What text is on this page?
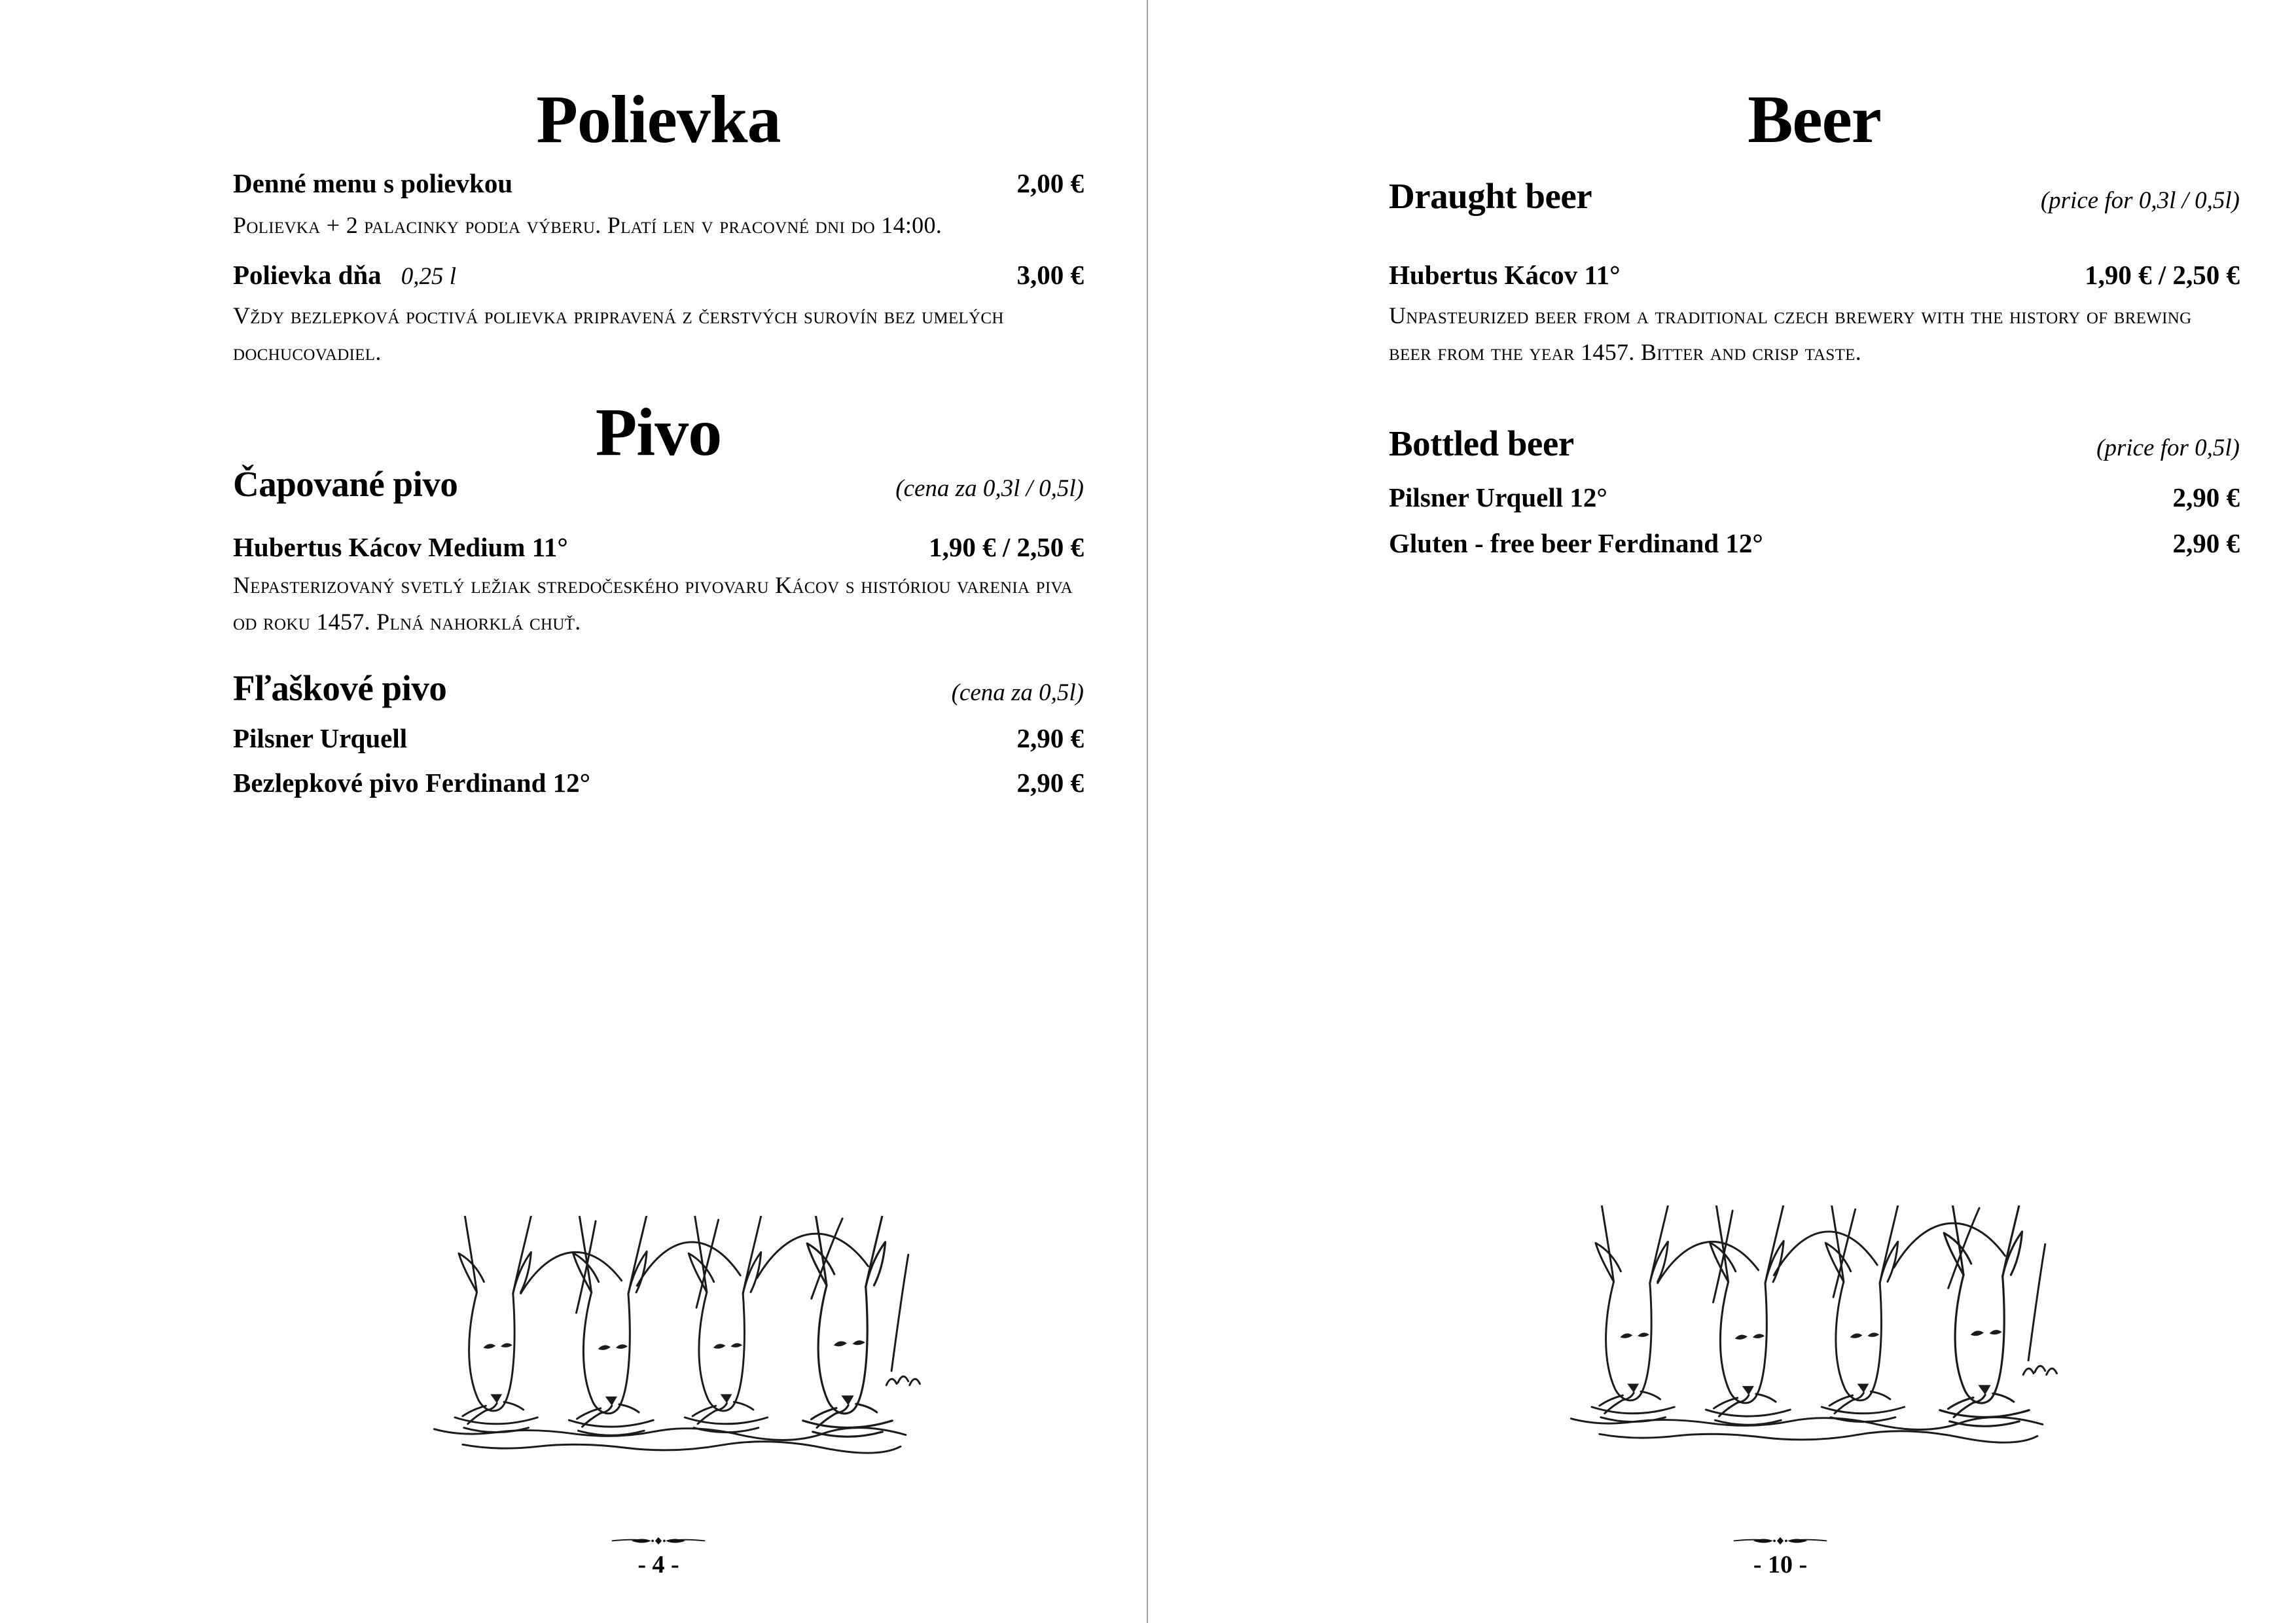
Polievka
Denné menu s polievkou	2,00 €

Polievka + 2 palacinky podľa výberu. Platí len v pracovné dni do 14:00.

Polievka dňa 0,25 l	3,00 €

Vždy bezlepková poctivá polievka pripravená z čerstvých surovín bez umelých dochucovadiel.

Pivo
Čapované pivo	(cena za 0,3l / 0,5l)
Hubertus Kácov Medium 11°	1,90 € / 2,50 €

Nepasterizovaný svetlý ležiak stredočeského pivovaru Kácov s históriou varenia piva od roku 1457. Plná nahorklá chuť.

Fľaškové pivo	(cena za 0,5l)
Pilsner Urquell	2,90 €
Bezlepkové pivo Ferdinand 12°	2,90 €
- 4 -
Beer
Draught beer	(price for 0,3l / 0,5l)
Hubertus Kácov 11°	1,90 € / 2,50 €

Unpasteurized beer from a traditional czech brewery with the history of brewing beer from the year 1457. Bitter and crisp taste.

Bottled beer	(price for 0,5l)
Pilsner Urquell 12°	2,90 €
Gluten - free beer Ferdinand 12°	2,90 €
- 10 -
